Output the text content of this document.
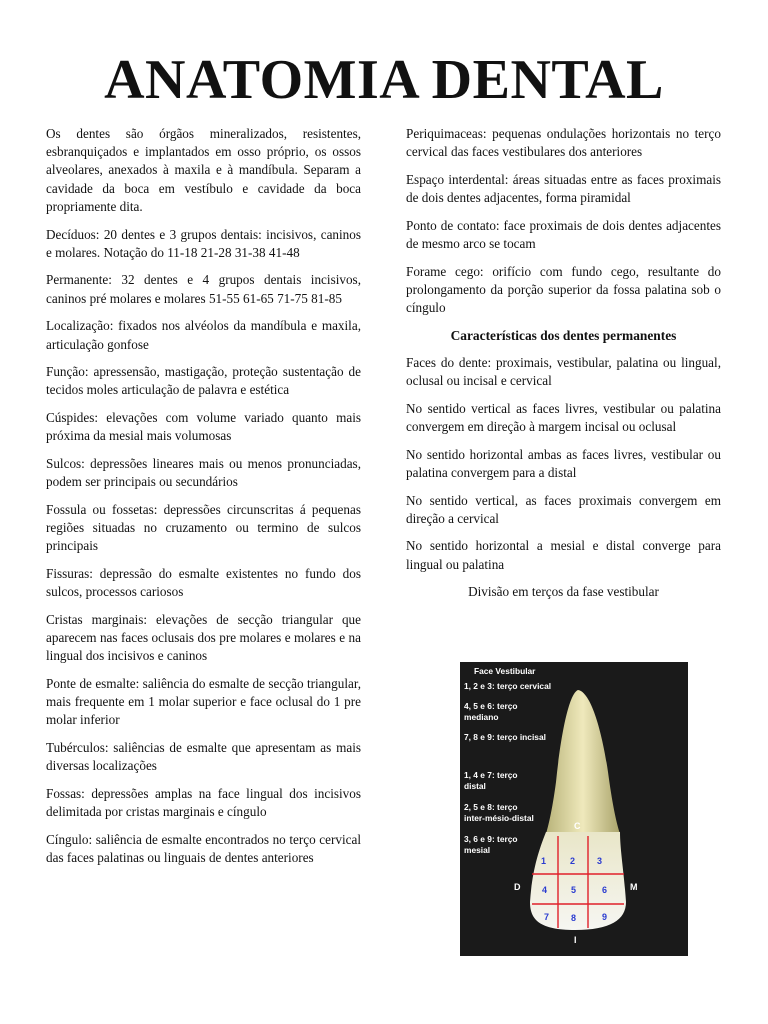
ANATOMIA DENTAL

Os dentes são órgãos mineralizados, resistentes, esbranquiçados e implantados em osso próprio, os ossos alveolares, anexados à maxila e à mandíbula. Separam a cavidade da boca em vestíbulo e cavidade da boca propriamente dita.

Decíduos: 20 dentes e 3 grupos dentais: incisivos, caninos e molares. Notação do 11-18 21-28 31-38 41-48

Permanente: 32 dentes e 4 grupos dentais incisivos, caninos pré molares e molares 51-55 61-65 71-75 81-85

Localização: fixados nos alvéolos da mandíbula e maxila, articulação gonfose

Função: apressensão, mastigação, proteção sustentação de tecidos moles articulação de palavra e estética

Cúspides: elevações com volume variado quanto mais próxima da mesial mais volumosas

Sulcos: depressões lineares mais ou menos pronunciadas, podem ser principais ou secundários

Fossula ou fossetas: depressões circunscritas á pequenas regiões situadas no cruzamento ou termino de sulcos principais

Fissuras: depressão do esmalte existentes no fundo dos sulcos, processos cariosos

Cristas marginais: elevações de secção triangular que aparecem nas faces oclusais dos pre molares e molares e na lingual dos incisivos e caninos

Ponte de esmalte: saliência do esmalte de secção triangular, mais frequente em 1 molar superior e face oclusal do 1 pre molar inferior

Tubérculos: saliências de esmalte que apresentam as mais diversas localizações

Fossas: depressões amplas na face lingual dos incisivos delimitada por cristas marginais e cíngulo

Cíngulo: saliência de esmalte encontrados no terço cervical das faces palatinas ou linguais de dentes anteriores

Periquimaceas: pequenas ondulações horizontais no terço cervical das faces vestibulares dos anteriores

Espaço interdental: áreas situadas entre as faces proximais de dois dentes adjacentes, forma piramidal

Ponto de contato: face proximais de dois dentes adjacentes de mesmo arco se tocam

Forame cego: orifício com fundo cego, resultante do prolongamento da porção superior da fossa palatina sob o cíngulo

Características dos dentes permanentes

Faces do dente: proximais, vestibular, palatina ou lingual, oclusal ou incisal e cervical

No sentido vertical as faces livres, vestibular ou palatina convergem em direção à margem incisal ou oclusal

No sentido horizontal ambas as faces livres, vestibular ou palatina convergem para a distal

No sentido vertical, as faces proximais convergem em direção a cervical

No sentido horizontal a mesial e distal converge para lingual ou palatina

Divisão em terços da fase vestibular

Face Vestibular
1, 2 e 3: terço cervical
4, 5 e 6: terço
mediano
7, 8 e 9: terço incisal
1, 4 e 7: terço
distal
2, 5 e 8: terço
inter-mésio-distal
3, 6 e 9: terço
mesial
C
D	M
I
1	2 3
4	5	6
7 8	9
